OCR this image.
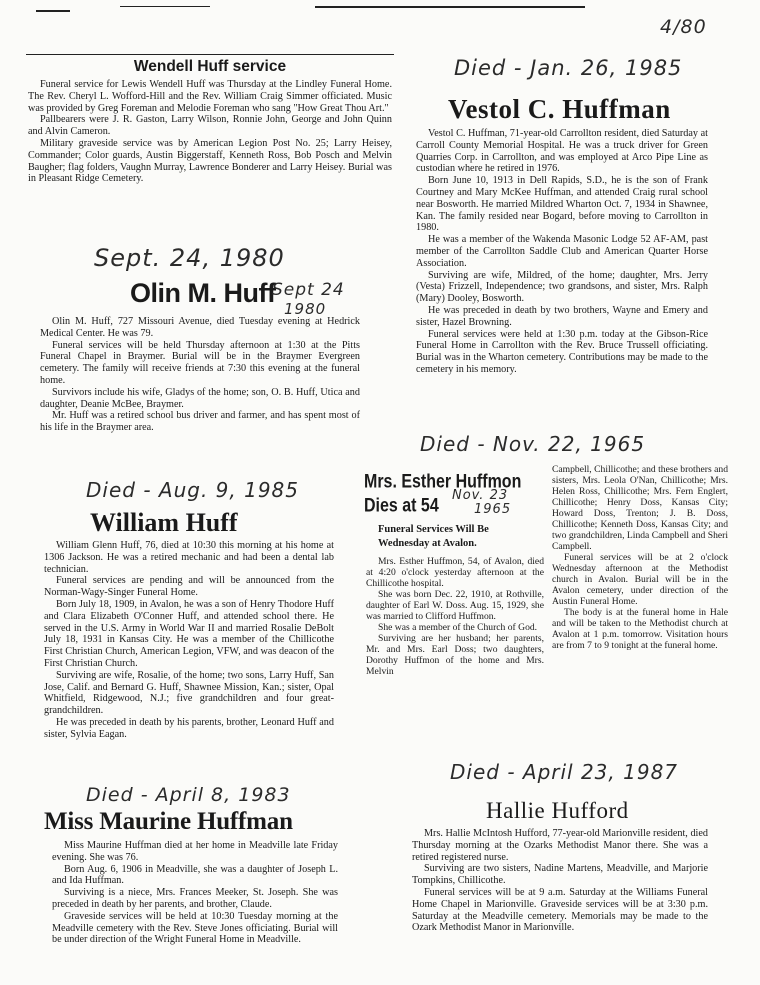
4/80
Wendell Huff service

Funeral service for Lewis Wendell Huff was Thursday at the Lindley Funeral Home. The Rev. Cheryl L. Wofford-Hill and the Rev. William Craig Simmer officiated. Music was provided by Greg Foreman and Melodie Foreman who sang "How Great Thou Art."

Pallbearers were J. R. Gaston, Larry Wilson, Ronnie John, George and John Quinn and Alvin Cameron.

Military graveside service was by American Legion Post No. 25; Larry Heisey, Commander; Color guards, Austin Biggerstaff, Kenneth Ross, Bob Posch and Melvin Baugher; flag folders, Vaughn Murray, Lawrence Bonderer and Larry Heisey. Burial was in Pleasant Ridge Cemetery.

Sept. 24, 1980
Olin M. Huff
Sept 24
1980

Olin M. Huff, 727 Missouri Avenue, died Tuesday evening at Hedrick Medical Center. He was 79.

Funeral services will be held Thursday afternoon at 1:30 at the Pitts Funeral Chapel in Braymer. Burial will be in the Braymer Evergreen cemetery. The family will receive friends at 7:30 this evening at the funeral home.

Survivors include his wife, Gladys of the home; son, O. B. Huff, Utica and daughter, Deanie McBee, Braymer.

Mr. Huff was a retired school bus driver and farmer, and has spent most of his life in the Braymer area.

Died - Aug. 9, 1985
William Huff

William Glenn Huff, 76, died at 10:30 this morning at his home at 1306 Jackson. He was a retired mechanic and had been a dental lab technician.

Funeral services are pending and will be announced from the Norman-Wagy-Singer Funeral Home.

Born July 18, 1909, in Avalon, he was a son of Henry Thodore Huff and Clara Elizabeth O'Conner Huff, and attended school there. He served in the U.S. Army in World War II and married Rosalie DeBolt July 18, 1931 in Kansas City. He was a member of the Chillicothe First Christian Church, American Legion, VFW, and was deacon of the First Christian Church.

Surviving are wife, Rosalie, of the home; two sons, Larry Huff, San Jose, Calif. and Bernard G. Huff, Shawnee Mission, Kan.; sister, Opal Whitfield, Ridgewood, N.J.; five grandchildren and four great-grandchildren.

He was preceded in death by his parents, brother, Leonard Huff and sister, Sylvia Eagan.

Died - April 8, 1983
Miss Maurine Huffman

Miss Maurine Huffman died at her home in Meadville late Friday evening. She was 76.

Born Aug. 6, 1906 in Meadville, she was a daughter of Joseph L. and Ida Huffman.

Surviving is a niece, Mrs. Frances Meeker, St. Joseph. She was preceded in death by her parents, and brother, Claude.

Graveside services will be held at 10:30 Tuesday morning at the Meadville cemetery with the Rev. Steve Jones officiating. Burial will be under direction of the Wright Funeral Home in Meadville.

Died - Jan. 26, 1985
Vestol C. Huffman

Vestol C. Huffman, 71-year-old Carrollton resident, died Saturday at Carroll County Memorial Hospital. He was a truck driver for Green Quarries Corp. in Carrollton, and was employed at Arco Pipe Line as custodian where he retired in 1976.

Born June 10, 1913 in Dell Rapids, S.D., he is the son of Frank Courtney and Mary McKee Huffman, and attended Craig rural school near Bosworth. He married Mildred Wharton Oct. 7, 1934 in Shawnee, Kan. The family resided near Bogard, before moving to Carrollton in 1980.

He was a member of the Wakenda Masonic Lodge 52 AF-AM, past member of the Carrollton Saddle Club and American Quarter Horse Association.

Surviving are wife, Mildred, of the home; daughter, Mrs. Jerry (Vesta) Frizzell, Independence; two grandsons, and sister, Mrs. Ralph (Mary) Dooley, Bosworth.

He was preceded in death by two brothers, Wayne and Emery and sister, Hazel Browning.

Funeral services were held at 1:30 p.m. today at the Gibson-Rice Funeral Home in Carrollton with the Rev. Bruce Trussell officiating. Burial was in the Wharton cemetery. Contributions may be made to the cemetery in his memory.

Died - Nov. 22, 1965
Mrs. Esther Huffmon
Dies at 54
Nov. 23
1965
Funeral Services Will Be
Wednesday at Avalon.

Mrs. Esther Huffmon, 54, of Avalon, died at 4:20 o'clock yesterday afternoon at the Chillicothe hospital.

She was born Dec. 22, 1910, at Rothville, daughter of Earl W. Doss. Aug. 15, 1929, she was married to Clifford Huffmon.

She was a member of the Church of God.

Surviving are her husband; her parents, Mr. and Mrs. Earl Doss; two daughters, Dorothy Huffmon of the home and Mrs. Melvin

Campbell, Chillicothe; and these brothers and sisters, Mrs. Leola O'Nan, Chillicothe; Mrs. Helen Ross, Chillicothe; Mrs. Fern Englert, Chillicothe; Henry Doss, Kansas City; Howard Doss, Trenton; J. B. Doss, Chillicothe; Kenneth Doss, Kansas City; and two grandchildren, Linda Campbell and Sheri Campbell.

Funeral services will be at 2 o'clock Wednesday afternoon at the Methodist church in Avalon. Burial will be in the Avalon cemetery, under direction of the Austin Funeral Home.

The body is at the funeral home in Hale and will be taken to the Methodist church at Avalon at 1 p.m. tomorrow. Visitation hours are from 7 to 9 tonight at the funeral home.

Died - April 23, 1987
Hallie Hufford

Mrs. Hallie McIntosh Hufford, 77-year-old Marionville resident, died Thursday morning at the Ozarks Methodist Manor there. She was a retired registered nurse.

Surviving are two sisters, Nadine Martens, Meadville, and Marjorie Tompkins, Chillicothe.

Funeral services will be at 9 a.m. Saturday at the Williams Funeral Home Chapel in Marionville. Graveside services will be at 3:30 p.m. Saturday at the Meadville cemetery. Memorials may be made to the Ozark Methodist Manor in Marionville.
